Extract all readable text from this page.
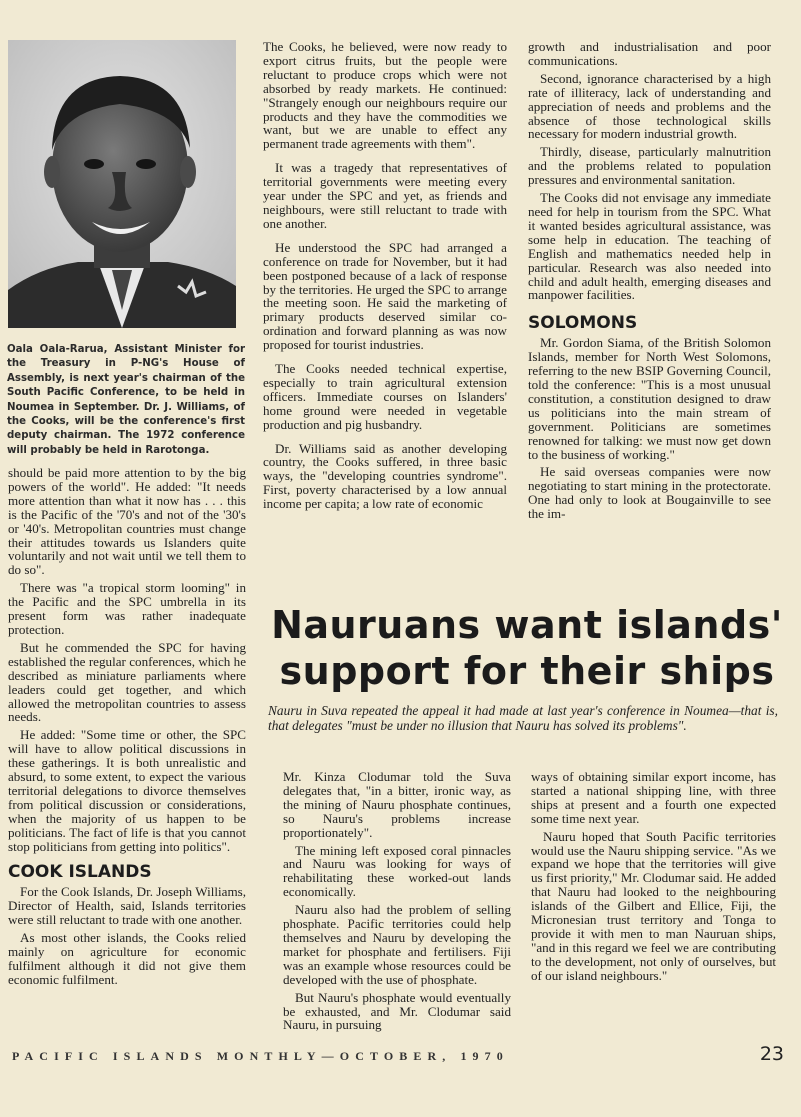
Oala Oala-Rarua, Assistant Minister for the Treasury in P-NG's House of Assembly, is next year's chairman of the South Pacific Conference, to be held in Noumea in September. Dr. J. Williams, of the Cooks, will be the conference's first deputy chairman. The 1972 conference will probably be held in Rarotonga.

should be paid more attention to by the big powers of the world". He added: "It needs more attention than what it now has . . . this is the Pacific of the '70's and not of the '30's or '40's. Metropolitan countries must change their attitudes towards us Islanders quite voluntarily and not wait until we tell them to do so".

There was "a tropical storm looming" in the Pacific and the SPC umbrella in its present form was rather inadequate protection.

But he commended the SPC for having established the regular conferences, which he described as miniature parliaments where leaders could get together, and which allowed the metropolitan countries to assess needs.

He added: "Some time or other, the SPC will have to allow political discussions in these gatherings. It is both unrealistic and absurd, to some extent, to expect the various territorial delegations to divorce themselves from political discussion or considerations, when the majority of us happen to be politicians. The fact of life is that you cannot stop politicians from getting into politics".

COOK ISLANDS

For the Cook Islands, Dr. Joseph Williams, Director of Health, said, Islands territories were still reluctant to trade with one another.

As most other islands, the Cooks relied mainly on agriculture for economic fulfilment although it did not give them economic fulfilment.

The Cooks, he believed, were now ready to export citrus fruits, but the people were reluctant to produce crops which were not absorbed by ready markets. He continued: "Strangely enough our neighbours require our products and they have the commodities we want, but we are unable to effect any permanent trade agreements with them".

It was a tragedy that representatives of territorial governments were meeting every year under the SPC and yet, as friends and neighbours, were still reluctant to trade with one another.

He understood the SPC had arranged a conference on trade for November, but it had been postponed because of a lack of response by the territories. He urged the SPC to arrange the meeting soon. He said the marketing of primary products deserved similar co-ordination and forward planning as was now proposed for tourist industries.

The Cooks needed technical expertise, especially to train agricultural extension officers. Immediate courses on Islanders' home ground were needed in vegetable production and pig husbandry.

Dr. Williams said as another developing country, the Cooks suffered, in three basic ways, the "developing countries syndrome". First, poverty characterised by a low annual income per capita; a low rate of economic

growth and industrialisation and poor communications.

Second, ignorance characterised by a high rate of illiteracy, lack of understanding and appreciation of needs and problems and the absence of those technological skills necessary for modern industrial growth.

Thirdly, disease, particularly malnutrition and the problems related to population pressures and environmental sanitation.

The Cooks did not envisage any immediate need for help in tourism from the SPC. What it wanted besides agricultural assistance, was some help in education. The teaching of English and mathematics needed help in particular. Research was also needed into child and adult health, emerging diseases and manpower facilities.

SOLOMONS

Mr. Gordon Siama, of the British Solomon Islands, member for North West Solomons, referring to the new BSIP Governing Council, told the conference: "This is a most unusual constitution, a constitution designed to draw us politicians into the main stream of government. Politicians are sometimes renowned for talking: we must now get down to the business of working."

He said overseas companies were now negotiating to start mining in the protectorate. One had only to look at Bougainville to see the im-

Nauruans want islands' support for their ships
Nauru in Suva repeated the appeal it had made at last year's conference in Noumea—that is, that delegates "must be under no illusion that Nauru has solved its problems".

Mr. Kinza Clodumar told the Suva delegates that, "in a bitter, ironic way, as the mining of Nauru phosphate continues, so Nauru's problems increase proportionately".

The mining left exposed coral pinnacles and Nauru was looking for ways of rehabilitating these worked-out lands economically.

Nauru also had the problem of selling phosphate. Pacific territories could help themselves and Nauru by developing the market for phosphate and fertilisers. Fiji was an example whose resources could be developed with the use of phosphate.

But Nauru's phosphate would eventually be exhausted, and Mr. Clodumar said Nauru, in pursuing

ways of obtaining similar export income, has started a national shipping line, with three ships at present and a fourth one expected some time next year.

Nauru hoped that South Pacific territories would use the Nauru shipping service. "As we expand we hope that the territories will give us first priority," Mr. Clodumar said. He added that Nauru had looked to the neighbouring islands of the Gilbert and Ellice, Fiji, the Micronesian trust territory and Tonga to provide it with men to man Nauruan ships, "and in this regard we feel we are contributing to the development, not only of ourselves, but of our island neighbours."

PACIFIC ISLANDS MONTHLY—OCTOBER, 1970	23
